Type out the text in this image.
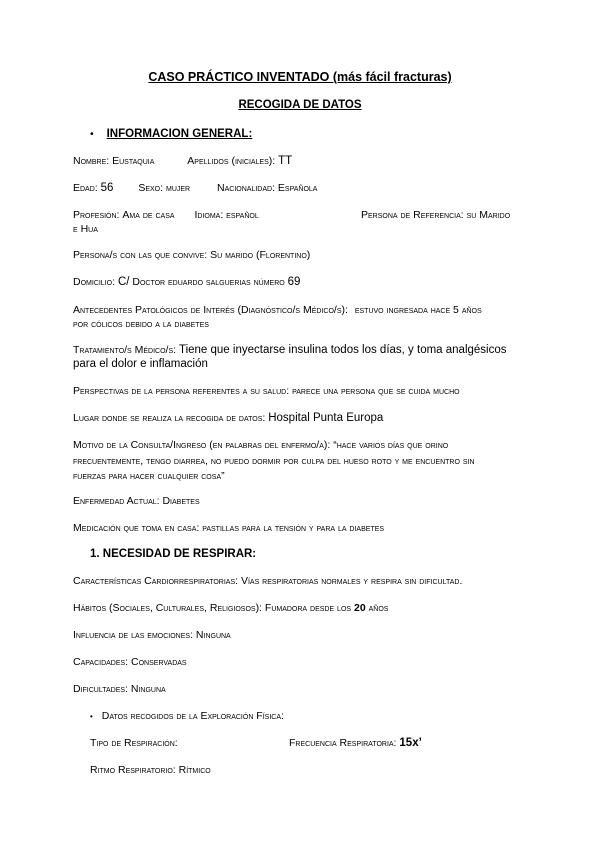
CASO PRÁCTICO INVENTADO (más fácil fracturas)
RECOGIDA DE DATOS
• INFORMACION GENERAL:
Nombre: Eustaquia	Apellidos (iniciales): TT
Edad: 56 Sexo: mujer	Nacionalidad: Española
Profesión: Ama de casa Idioma: español	Persona de Referencia: su Marido
e Hua
Persona/s con las que convive: Su marido (Florentino)
Domicilio: C/ Doctor eduardo salguerias número 69
Antecedentes Patológicos de Interés (Diagnóstico/s Médico/s): estuvo ingresada hace 5 años
por cólicos debido a la diabetes
Tratamiento/s Médico/s: Tiene que inyectarse insulina todos los días, y toma analgésicos
para el dolor e inflamación
Perspectivas de la persona referentes a su salud: parece una persona que se cuida mucho
Lugar donde se realiza la recogida de datos: Hospital Punta Europa
Motivo de la Consulta/Ingreso (en palabras del enfermo/a): “hace varios días que orino
frecuentemente, tengo diarrea, no puedo dormir por culpa del hueso roto y me encuentro sin
fuerzas para hacer cualquier cosa”
Enfermedad Actual: Diabetes
Medicación que toma en casa: pastillas para la tensión y para la diabetes
1. NECESIDAD DE RESPIRAR:
Características Cardiorrespiratorias: Vías respiratorias normales y respira sin dificultad.
Hábitos (Sociales, Culturales, Religiosos): Fumadora desde los 20 años
Influencia de las emociones: Ninguna
Capacidades: Conservadas
Dificultades: Ninguna
• Datos recogidos de la Exploración Física:
Tipo de Respiración:	Frecuencia Respiratoria: 15x’
Ritmo Respiratorio: Rítmico
